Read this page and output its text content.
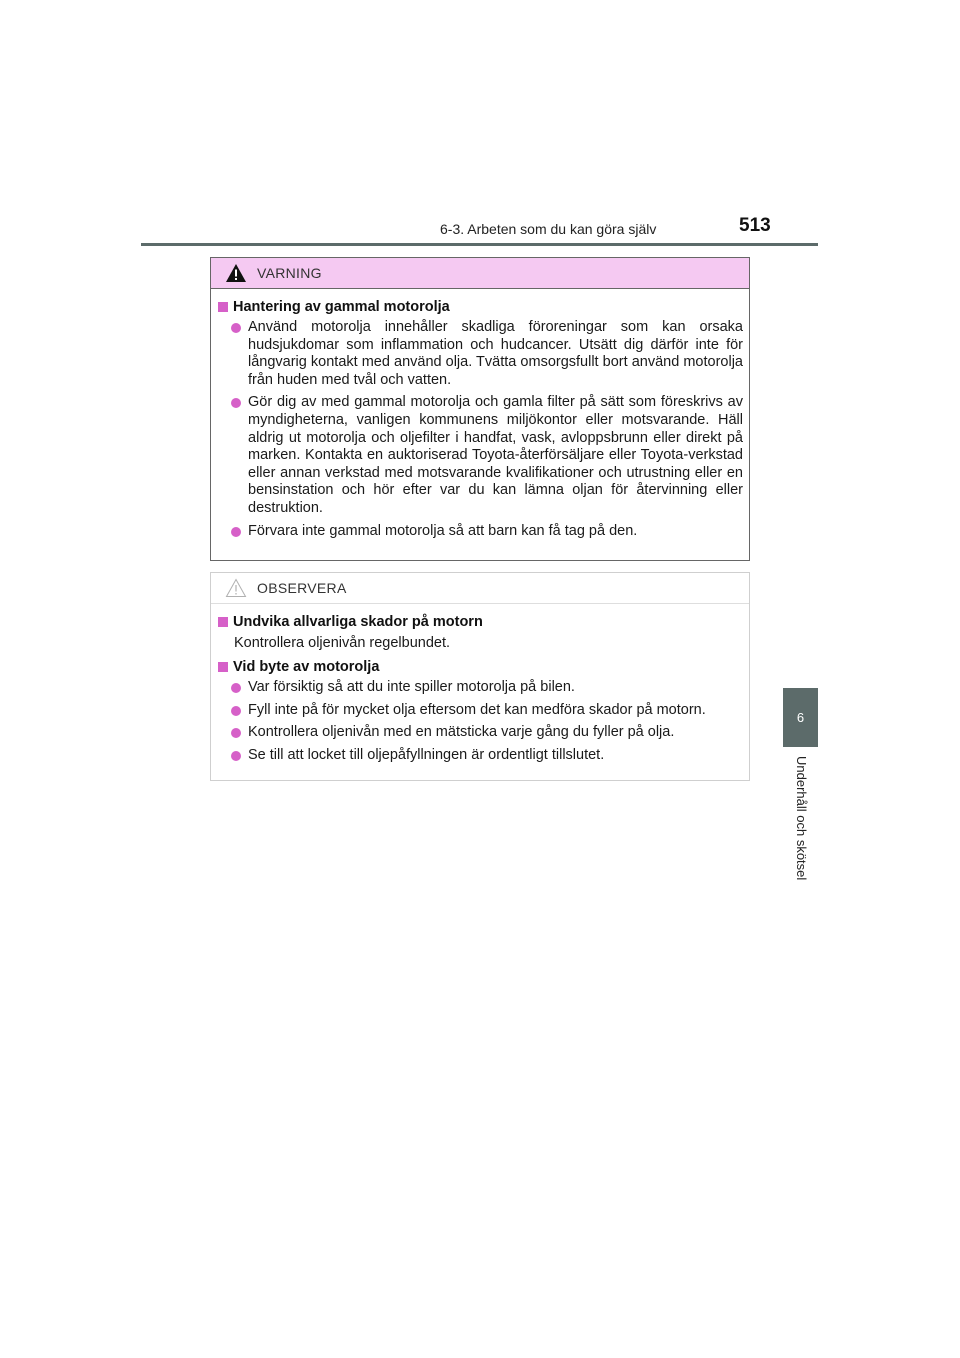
6-3. Arbeten som du kan göra själv	513
6
Underhåll och skötsel
VARNING
Hantering av gammal motorolja
Använd motorolja innehåller skadliga föroreningar som kan orsaka hudsjukdomar som inflammation och hudcancer. Utsätt dig därför inte för långvarig kontakt med använd olja. Tvätta omsorgsfullt bort använd motorolja från huden med tvål och vatten.
Gör dig av med gammal motorolja och gamla filter på sätt som föreskrivs av myndigheterna, vanligen kommunens miljökontor eller motsvarande. Häll aldrig ut motorolja och oljefilter i handfat, vask, avloppsbrunn eller direkt på marken. Kontakta en auktoriserad Toyota-återförsäljare eller Toyota-verkstad eller annan verkstad med motsvarande kvalifikationer och utrustning eller en bensinstation och hör efter var du kan lämna oljan för återvinning eller destruktion.
Förvara inte gammal motorolja så att barn kan få tag på den.
OBSERVERA
Undvika allvarliga skador på motorn
Kontrollera oljenivån regelbundet.
Vid byte av motorolja
Var försiktig så att du inte spiller motorolja på bilen.
Fyll inte på för mycket olja eftersom det kan medföra skador på motorn.
Kontrollera oljenivån med en mätsticka varje gång du fyller på olja.
Se till att locket till oljepåfyllningen är ordentligt tillslutet.
